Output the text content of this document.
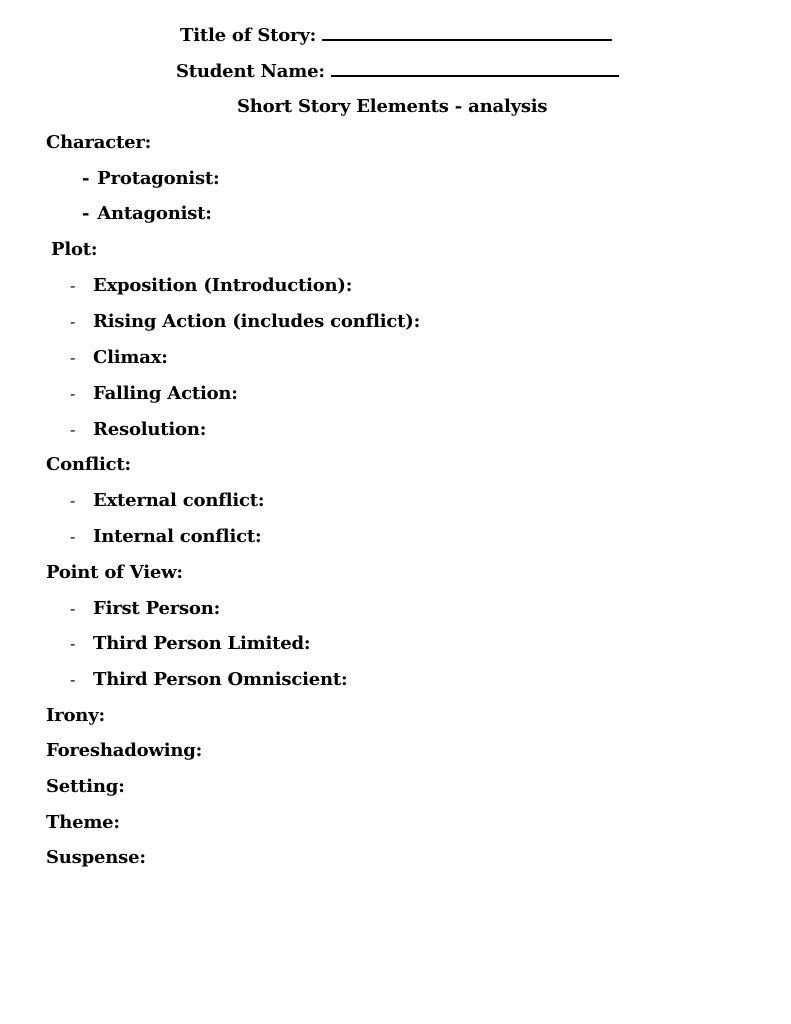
Title of Story:
Student Name:
Short Story Elements - analysis
Character:
- Protagonist:
- Antagonist:
Plot:
- Exposition (Introduction):
- Rising Action (includes conflict):
- Climax:
- Falling Action:
- Resolution:
Conflict:
- External conflict:
- Internal conflict:
Point of View:
- First Person:
- Third Person Limited:
- Third Person Omniscient:
Irony:
Foreshadowing:
Setting:
Theme:
Suspense:
